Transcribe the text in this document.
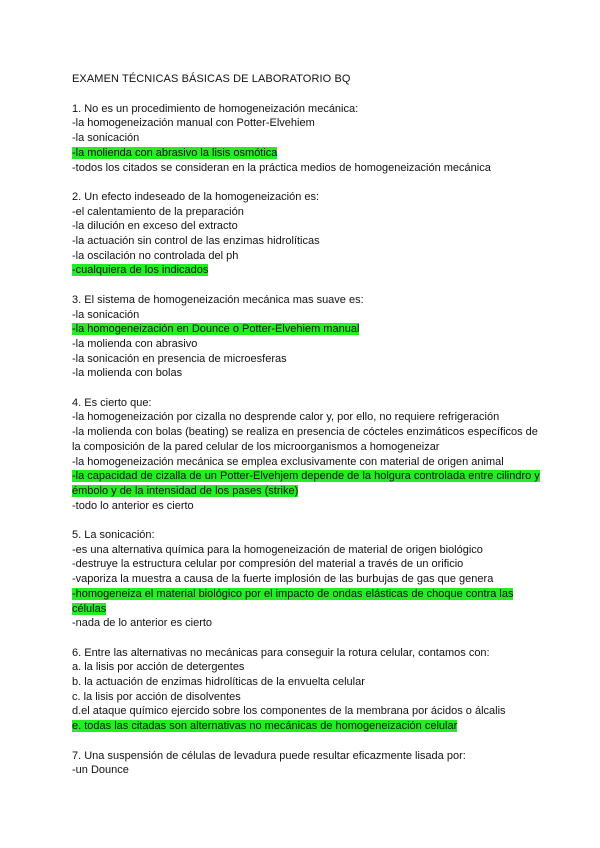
EXAMEN TÉCNICAS BÁSICAS DE LABORATORIO BQ
1. No es un procedimiento de homogeneización mecánica:
-la homogeneización manual con Potter-Elvehiem
-la sonicación
-la molienda con abrasivo la lisis osmótica
-todos los citados se consideran en la práctica medios de homogeneización mecánica
2. Un efecto indeseado de la homogeneización es:
-el calentamiento de la preparación
-la dilución en exceso del extracto
-la actuación sin control de las enzimas hidrolíticas
-la oscilación no controlada del ph
-cualquiera de los indicados
3. El sistema de homogeneización mecánica mas suave es:
-la sonicación
-la homogeneización en Dounce o Potter-Elvehiem manual
-la molienda con abrasivo
-la sonicación en presencia de microesferas
-la molienda con bolas
4. Es cierto que:
-la homogeneización por cizalla no desprende calor y, por ello, no requiere refrigeración
-la molienda con bolas (beating) se realiza en presencia de cócteles enzimáticos específicos de la composición de la pared celular de los microorganismos a homogeneizar
-la homogeneización mecánica se emplea exclusivamente con material de origen animal
-la capacidad de cizalla de un Potter-Elvehjem depende de la holgura controlada entre cilindro y émbolo y de la intensidad de los pases (strike)
-todo lo anterior es cierto
5. La sonicación:
-es una alternativa química para la homogeneización de material de origen biológico
-destruye la estructura celular por compresión del material a través de un orificio
-vaporiza la muestra a causa de la fuerte implosión de las burbujas de gas que genera
-homogeneiza el material biológico por el impacto de ondas elásticas de choque contra las células
-nada de lo anterior es cierto
6. Entre las alternativas no mecánicas para conseguir la rotura celular, contamos con:
a. la lisis por acción de detergentes
b. la actuación de enzimas hidrolíticas de la envuelta celular
c. la lisis por acción de disolventes
d.el ataque químico ejercido sobre los componentes de la membrana por ácidos o álcalis
e. todas las citadas son alternativas no mecánicas de homogeneización celular
7. Una suspensión de células de levadura puede resultar eficazmente lisada por:
-un Dounce
